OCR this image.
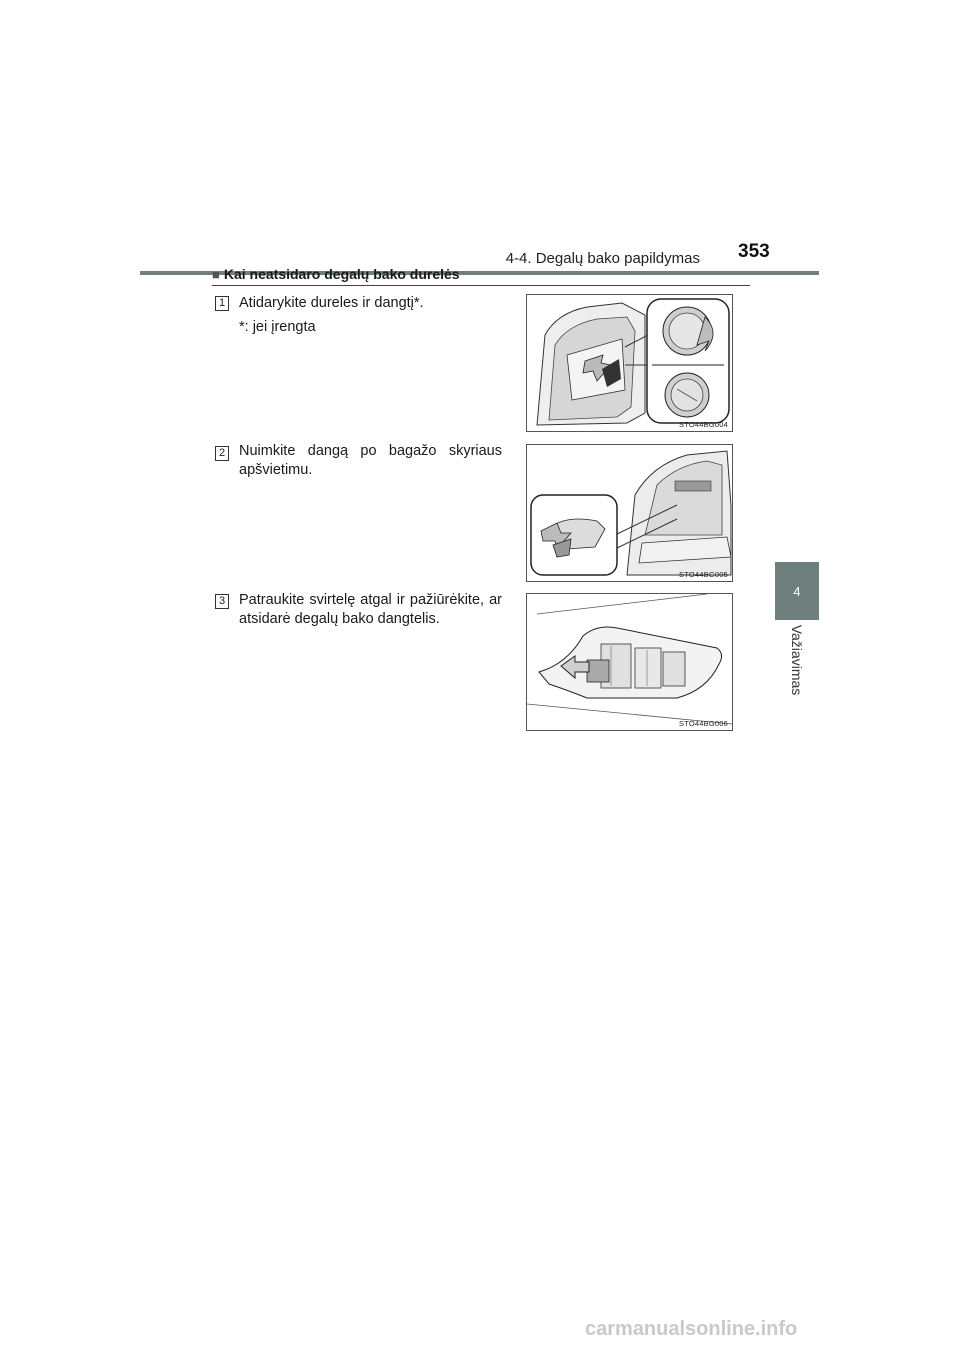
4-4. Degalų bako papildymas 353
4
Važiavimas
■ Kai neatsidaro degalų bako durelės
1 Atidarykite dureles ir dangtį*.
*: jei įrengta
STO44BG004
2 Nuimkite dangą po bagažo skyriaus apšvietimu.
STO44BG005
3 Patraukite svirtelę atgal ir pažiūrėkite, ar atsidarė degalų bako dangtelis.
STO44BG006
carmanualsonline.info
